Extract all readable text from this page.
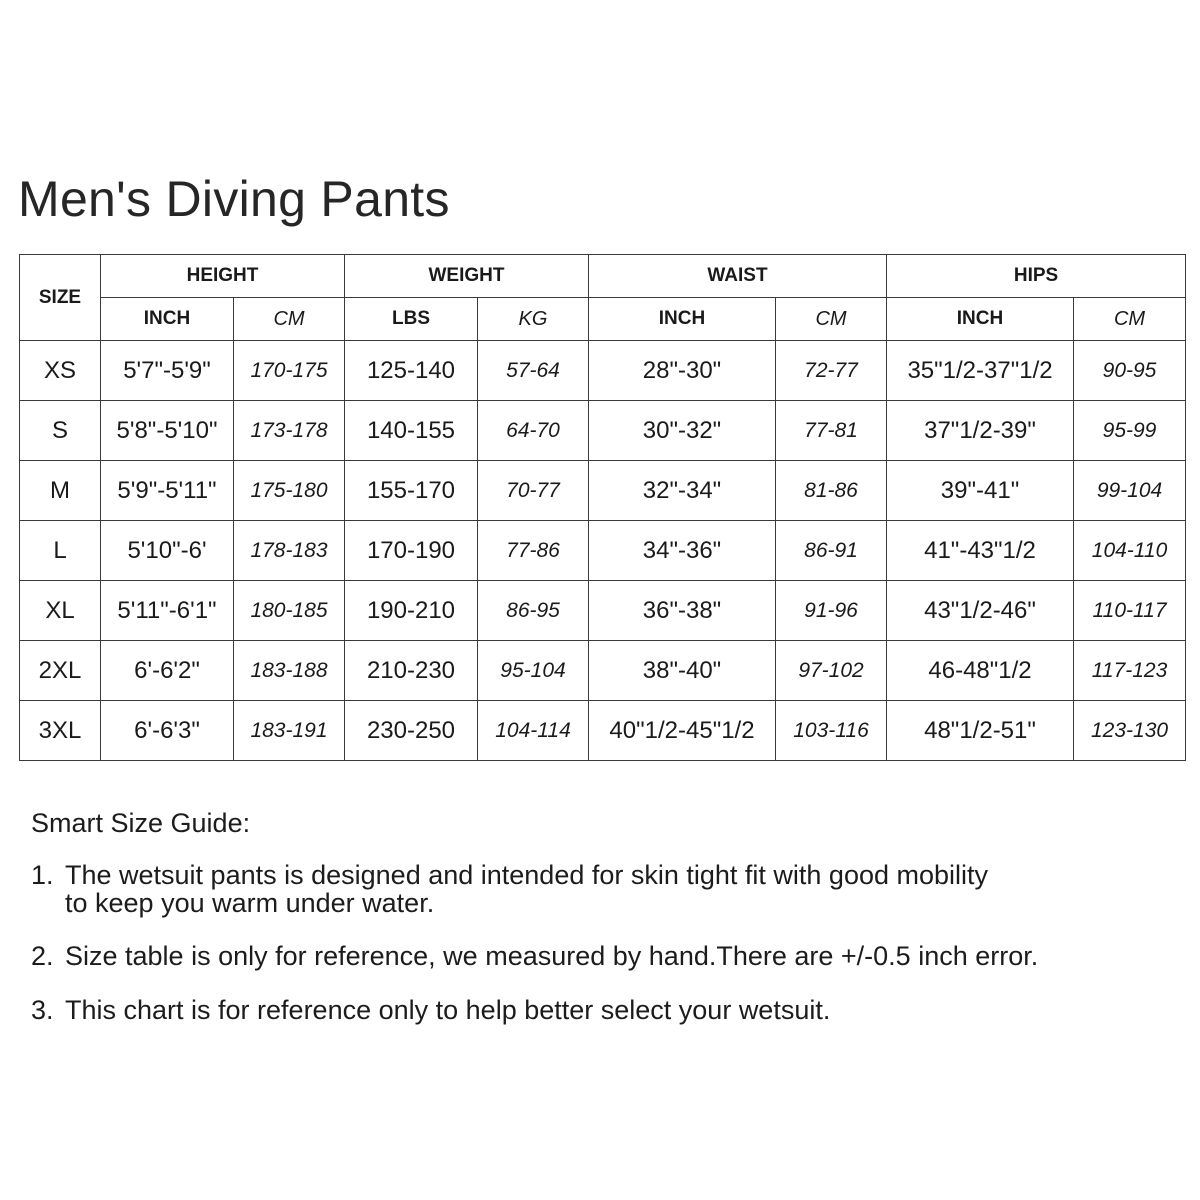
Men's Diving Pants
SIZE	HEIGHT		WEIGHT		WAIST		HIPS	
	INCH	CM	LBS	KG	INCH	CM	INCH	CM
XS	5'7"-5'9"	170-175	125-140	57-64	28"-30"	72-77	35"1/2-37"1/2	90-95
S	5'8"-5'10"	173-178	140-155	64-70	30"-32"	77-81	37"1/2-39"	95-99
M	5'9"-5'11"	175-180	155-170	70-77	32"-34"	81-86	39"-41"	99-104
L	5'10"-6'	178-183	170-190	77-86	34"-36"	86-91	41"-43"1/2	104-110
XL	5'11"-6'1"	180-185	190-210	86-95	36"-38"	91-96	43"1/2-46"	110-117
2XL	6'-6'2"	183-188	210-230	95-104	38"-40"	97-102	46-48"1/2	117-123
3XL	6'-6'3"	183-191	230-250	104-114	40"1/2-45"1/2	103-116	48"1/2-51"	123-130

Smart Size Guide:

1. The wetsuit pants is designed and intended for skin tight fit with good mobility
to keep you warm under water.
2. Size table is only for reference, we measured by hand.There are +/-0.5 inch error.
3. This chart is for reference only to help better select your wetsuit.
